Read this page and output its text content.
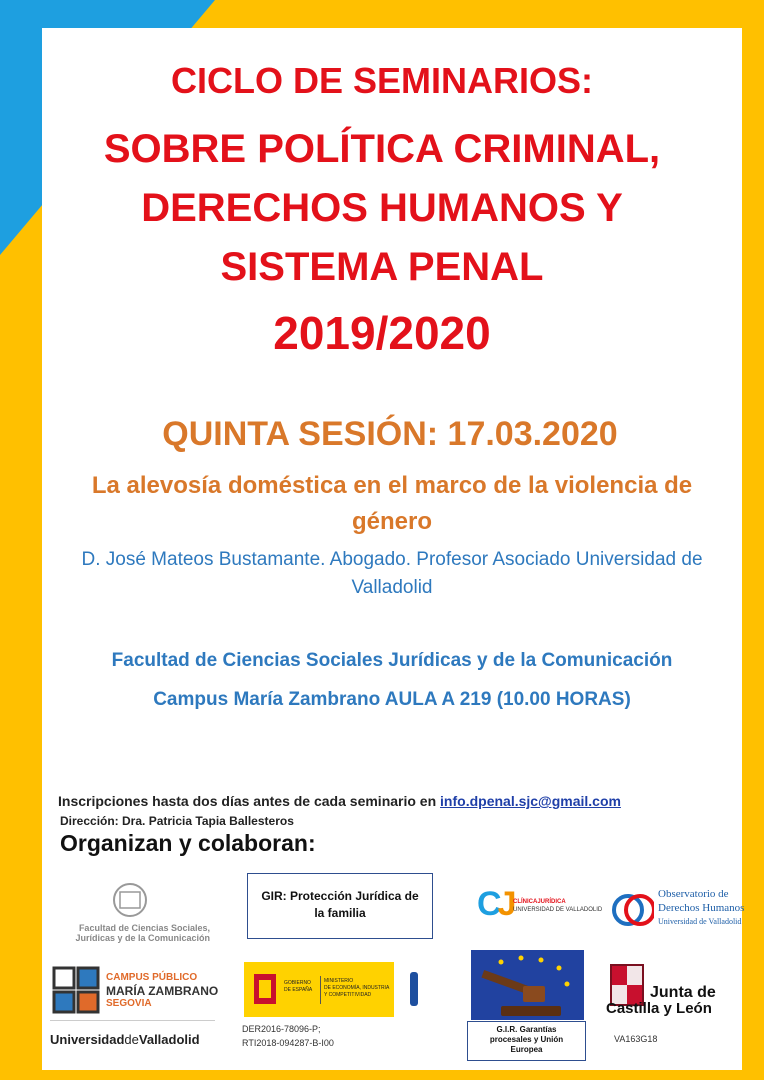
CICLO DE SEMINARIOS:
SOBRE POLÍTICA CRIMINAL,
DERECHOS HUMANOS Y
SISTEMA PENAL
2019/2020
QUINTA SESIÓN: 17.03.2020
La alevosía doméstica en el marco de la violencia de
género
D. José Mateos Bustamante. Abogado. Profesor Asociado Universidad de
Valladolid
Facultad de Ciencias Sociales Jurídicas y de la Comunicación
Campus María Zambrano AULA A 219 (10.00 HORAS)
Inscripciones hasta dos días antes de cada seminario en info.dpenal.sjc@gmail.com
Dirección: Dra. Patricia Tapia Ballesteros
Organizan y colaboran:
Facultad de Ciencias Sociales,
Jurídicas y de la Comunicación
GIR: Protección Jurídica de
la familia	CJ CLÍNICAJURÍDICA
UNIVERSIDAD DE VALLADOLID
Observatorio de
Derechos Humanos
Universidad de Valladolid
CAMPUS PÚBLICO
MARÍA ZAMBRANO
SEGOVIA
UniversidaddeValladolid
GOBIERNO
DE ESPAÑA
MINISTERIO
DE ECONOMÍA, INDUSTRIA
Y COMPETITIVIDAD
DER2016-78096-P;
RTI2018-094287-B-I00
G.I.R. Garantías
procesales y Unión
Europea
Junta de
Castilla y León
VA163G18
